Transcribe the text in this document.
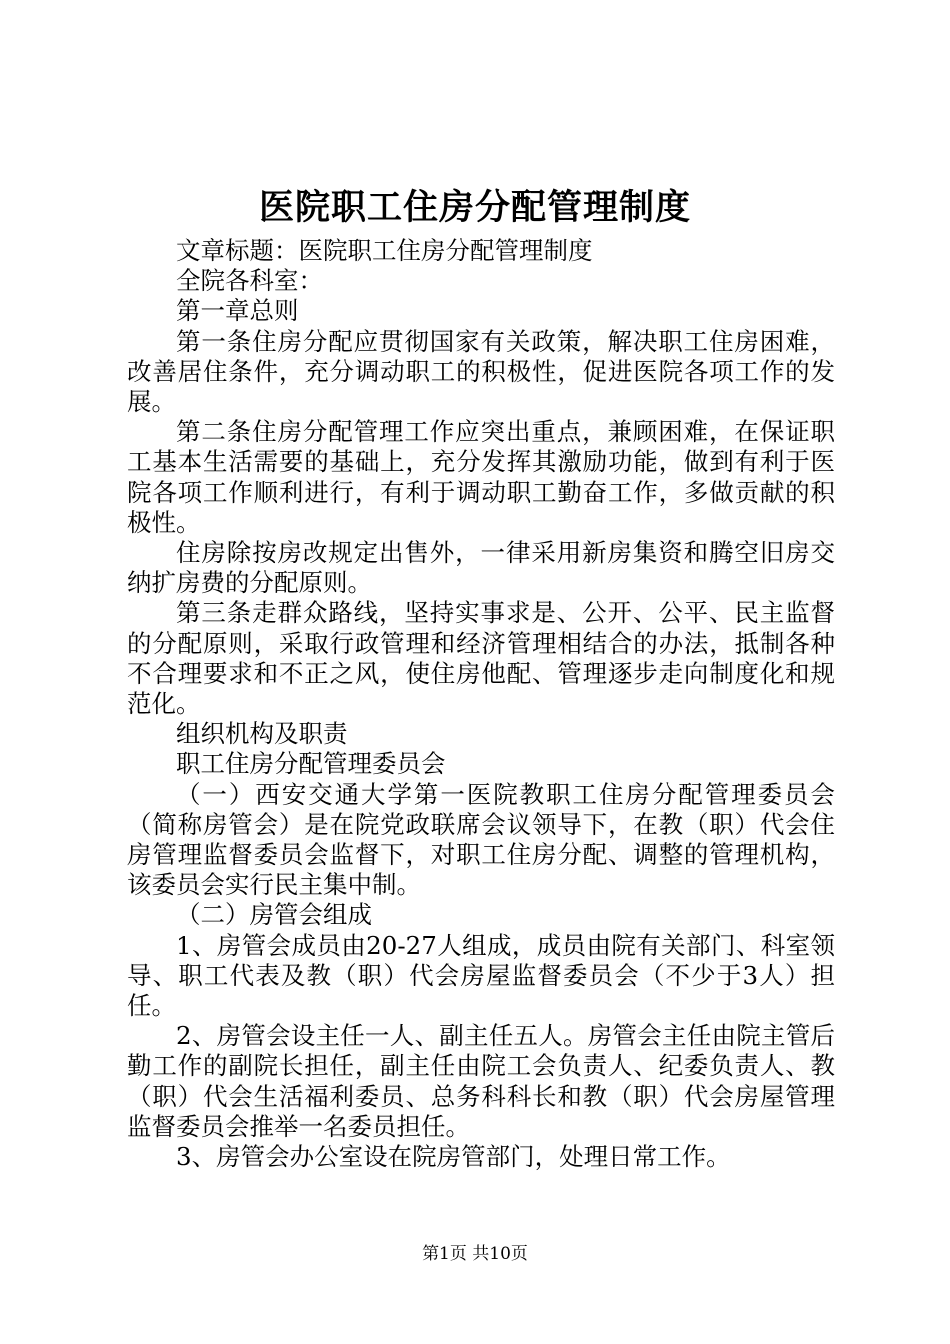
医院职工住房分配管理制度

文章标题：医院职工住房分配管理制度

全院各科室：

第一章总则

第一条住房分配应贯彻国家有关政策，解决职工住房困难，改善居住条件，充分调动职工的积极性，促进医院各项工作的发展。

第二条住房分配管理工作应突出重点，兼顾困难，在保证职工基本生活需要的基础上，充分发挥其激励功能，做到有利于医院各项工作顺利进行，有利于调动职工勤奋工作，多做贡献的积极性。

住房除按房改规定出售外，一律采用新房集资和腾空旧房交纳扩房费的分配原则。

第三条走群众路线，坚持实事求是、公开、公平、民主监督的分配原则，采取行政管理和经济管理相结合的办法，抵制各种不合理要求和不正之风，使住房他配、管理逐步走向制度化和规范化。

组织机构及职责

职工住房分配管理委员会

（一）西安交通大学第一医院教职工住房分配管理委员会（简称房管会）是在院党政联席会议领导下，在教（职）代会住房管理监督委员会监督下，对职工住房分配、调整的管理机构，该委员会实行民主集中制。

（二）房管会组成

1、房管会成员由20-27人组成，成员由院有关部门、科室领导、职工代表及教（职）代会房屋监督委员会（不少于3人）担任。

2、房管会设主任一人、副主任五人。房管会主任由院主管后勤工作的副院长担任，副主任由院工会负责人、纪委负责人、教（职）代会生活福利委员、总务科科长和教（职）代会房屋管理监督委员会推举一名委员担任。

3、房管会办公室设在院房管部门，处理日常工作。

第1页 共10页
